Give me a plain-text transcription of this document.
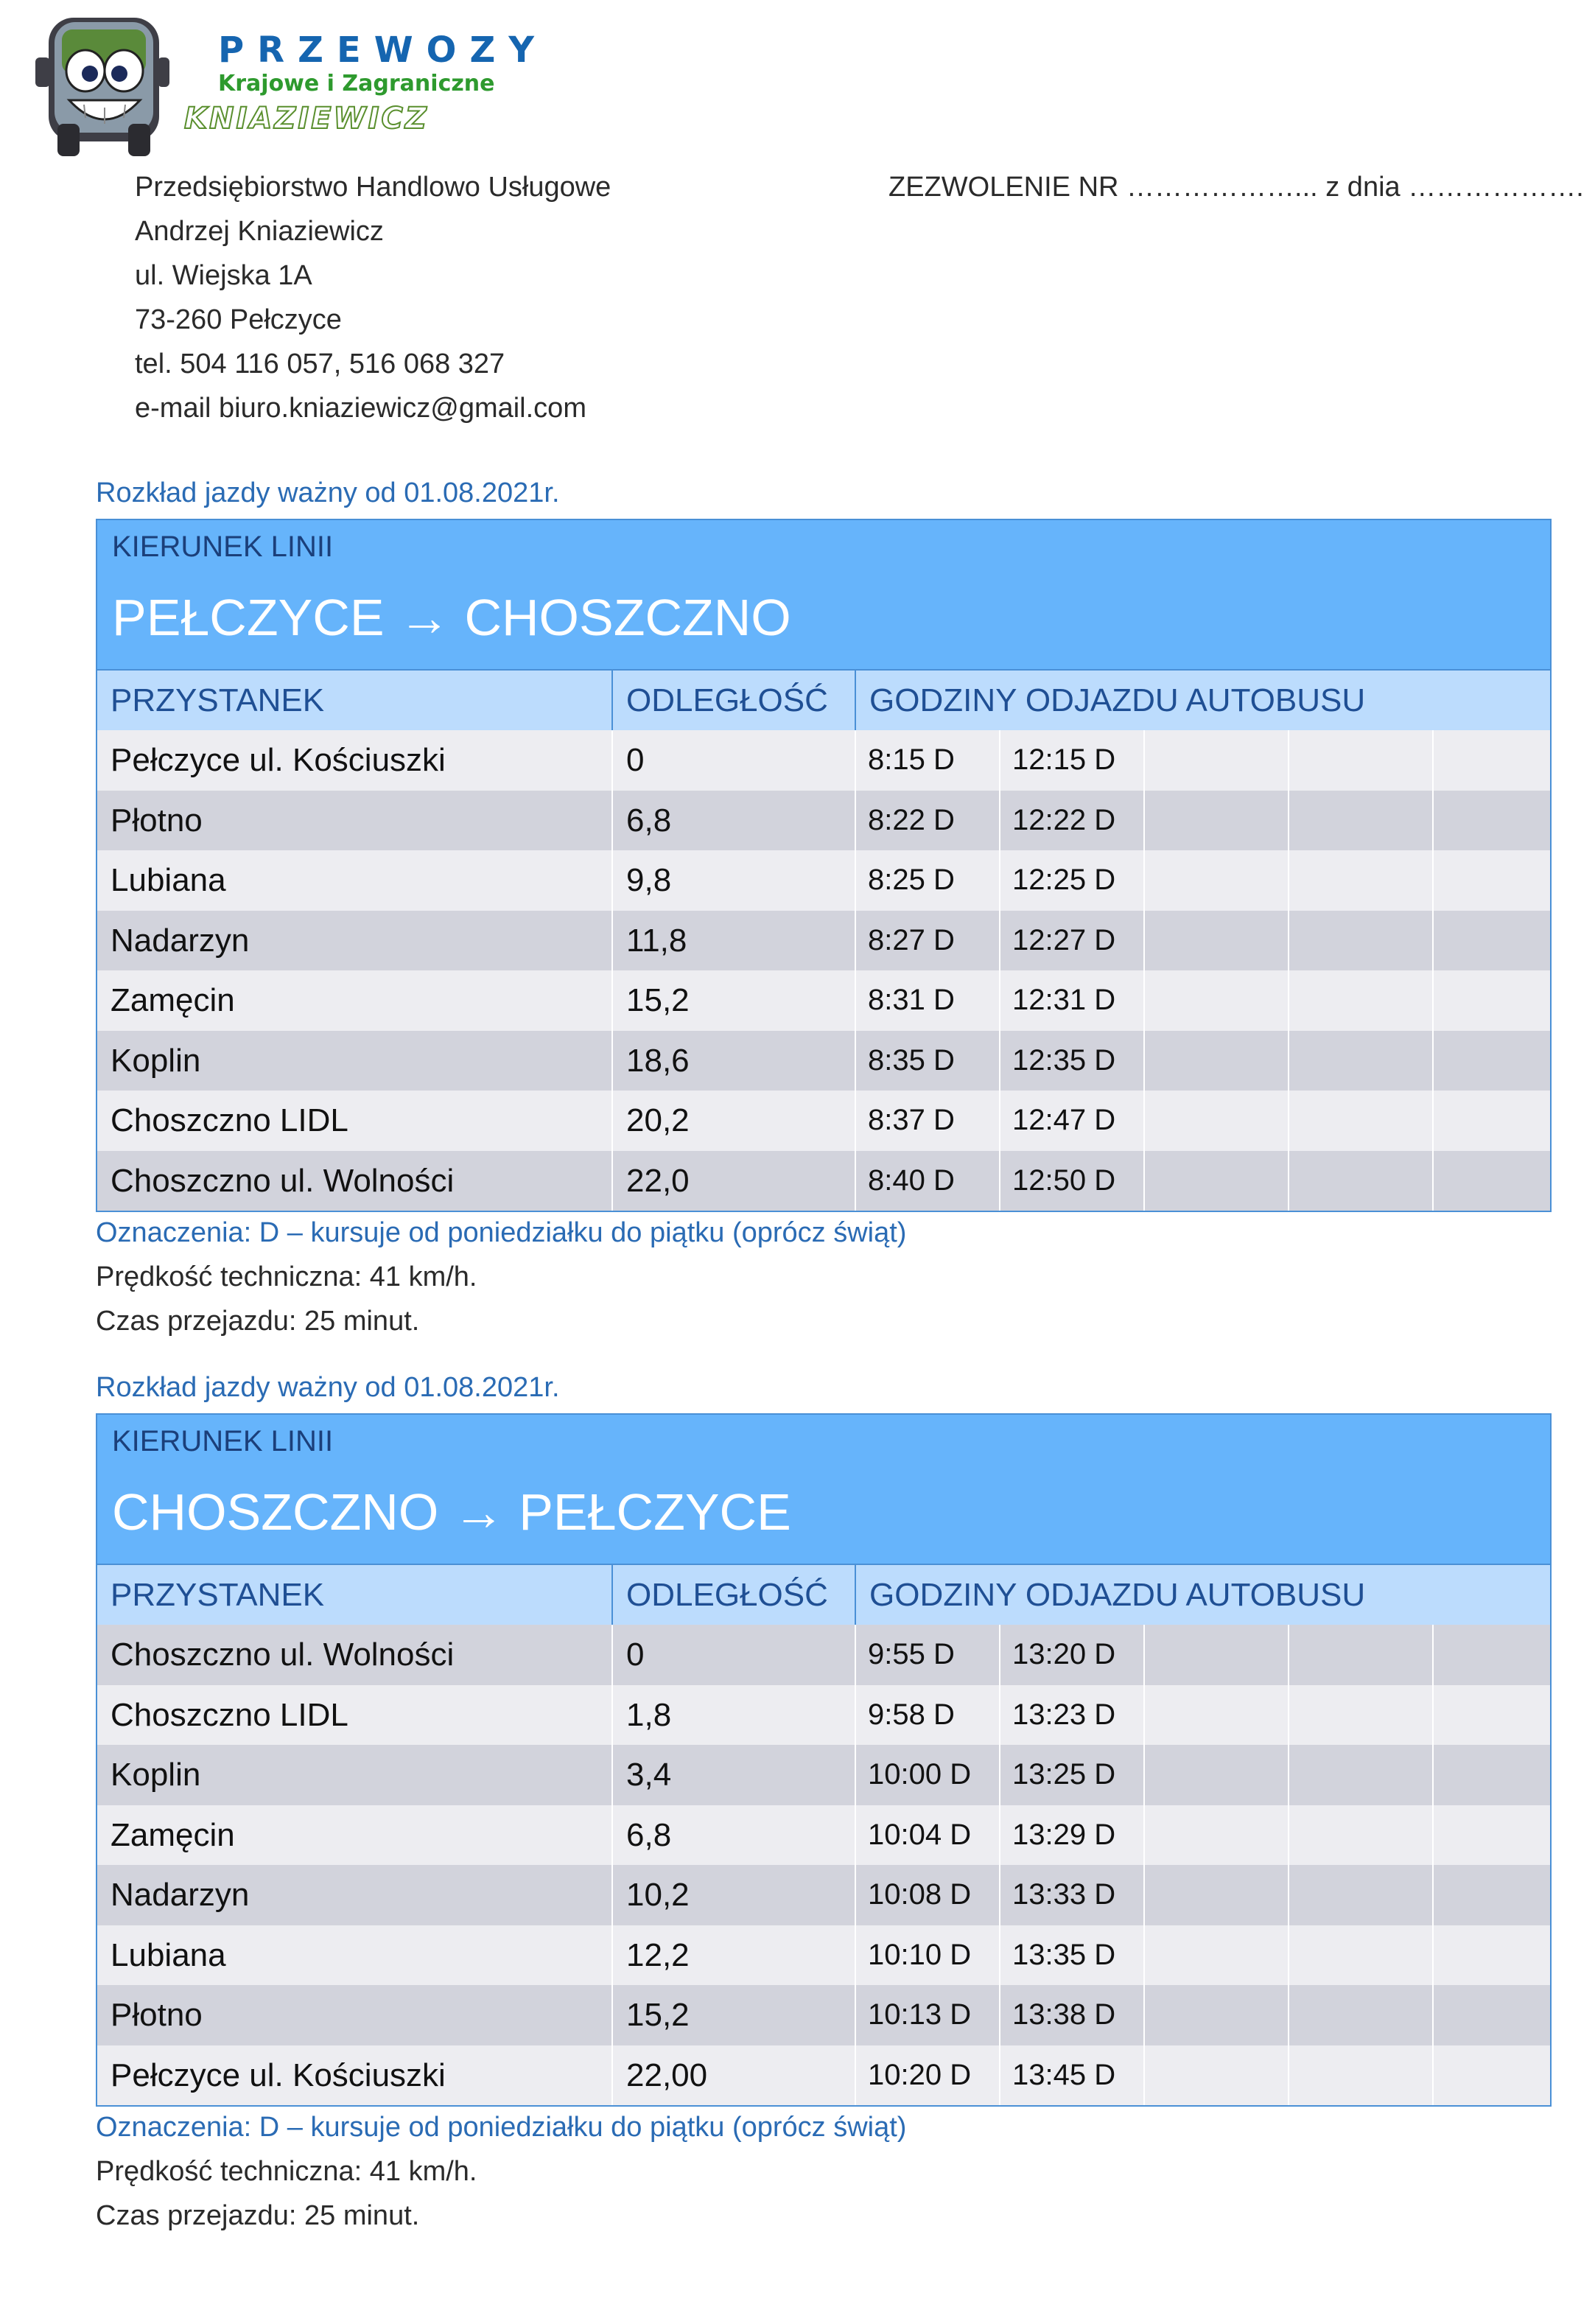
PRZEWOZY
Krajowe i Zagraniczne
KNIAZIEWICZ
Przedsiębiorstwo Handlowo Usługowe
Andrzej Kniaziewicz
ul. Wiejska 1A
73-260 Pełczyce
tel. 504 116 057, 516 068 327
e-mail biuro.kniaziewicz@gmail.com
ZEZWOLENIE NR ………………... z dnia ……………….
Rozkład jazdy ważny od 01.08.2021r.
KIERUNEK LINII
PEŁCZYCE → CHOSZCZNO
PRZYSTANEK	ODLEGŁOŚĆ	GODZINY ODJAZDU AUTOBUSU
Pełczyce ul. Kościuszki	0	8:15 D	12:15 D
Płotno	6,8	8:22 D	12:22 D
Lubiana	9,8	8:25 D	12:25 D
Nadarzyn	11,8	8:27 D	12:27 D
Zamęcin	15,2	8:31 D	12:31 D
Koplin	18,6	8:35 D	12:35 D
Choszczno LIDL	20,2	8:37 D	12:47 D
Choszczno ul. Wolności	22,0	8:40 D	12:50 D
Oznaczenia: D – kursuje od poniedziałku do piątku (oprócz świąt)
Prędkość techniczna: 41 km/h.
Czas przejazdu: 25 minut.
Rozkład jazdy ważny od 01.08.2021r.
KIERUNEK LINII
CHOSZCZNO → PEŁCZYCE
PRZYSTANEK	ODLEGŁOŚĆ	GODZINY ODJAZDU AUTOBUSU
Choszczno ul. Wolności	0	9:55 D	13:20 D
Choszczno LIDL	1,8	9:58 D	13:23 D
Koplin	3,4	10:00 D	13:25 D
Zamęcin	6,8	10:04 D	13:29 D
Nadarzyn	10,2	10:08 D	13:33 D
Lubiana	12,2	10:10 D	13:35 D
Płotno	15,2	10:13 D	13:38 D
Pełczyce ul. Kościuszki	22,00	10:20 D	13:45 D
Oznaczenia: D – kursuje od poniedziałku do piątku (oprócz świąt)
Prędkość techniczna: 41 km/h.
Czas przejazdu: 25 minut.
